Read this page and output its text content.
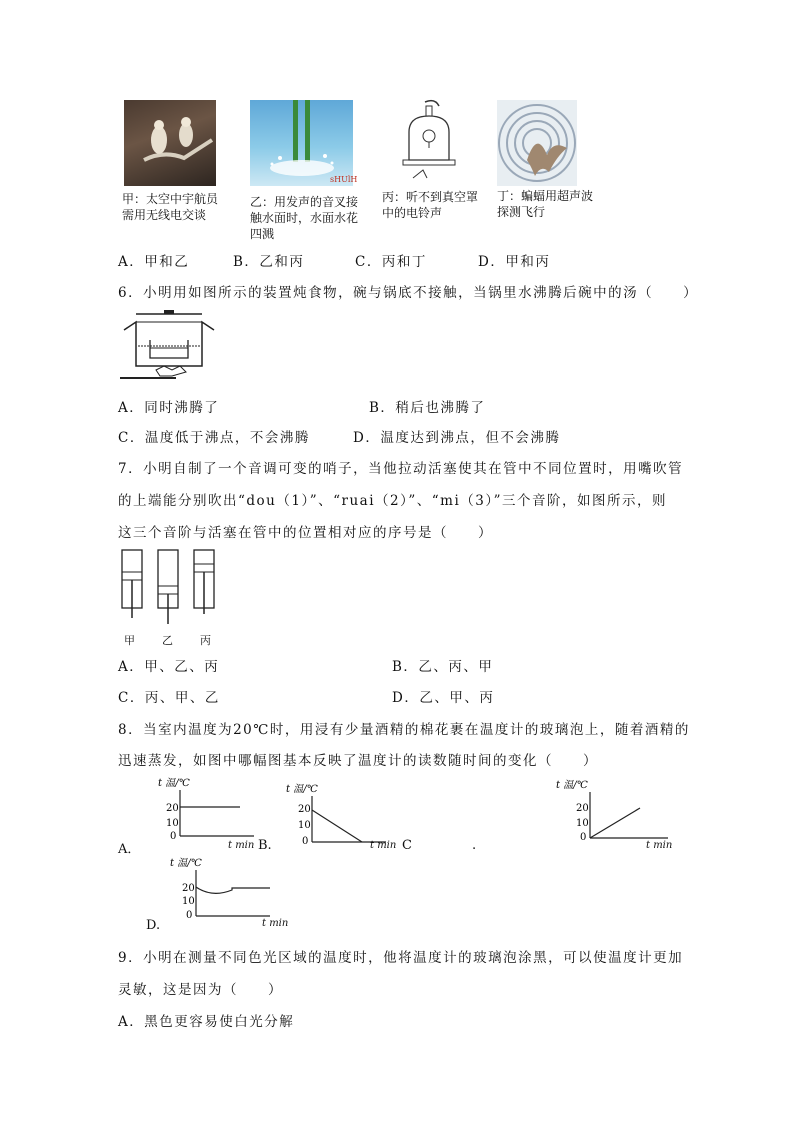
sHUlH
甲：太空中宇航员需用无线电交谈
乙：用发声的音叉接触水面时，水面水花四溅
丙：听不到真空罩中的电铃声
丁：蝙蝠用超声波探测飞行
A．甲和乙	B．乙和丙	C．丙和丁	D．甲和丙
6．小明用如图所示的装置炖食物，碗与锅底不接触，当锅里水沸腾后碗中的汤（　　）
A．同时沸腾了	B．稍后也沸腾了
C．温度低于沸点，不会沸腾	D．温度达到沸点，但不会沸腾
7．小明自制了一个音调可变的哨子，当他拉动活塞使其在管中不同位置时，用嘴吹管
的上端能分别吹出“dou（1）”、“ruai（2）”、“mi（3）”三个音阶，如图所示，则
这三个音阶与活塞在管中的位置相对应的序号是（　　）
甲 乙 丙
A．甲、乙、丙	B．乙、丙、甲
C．丙、甲、乙	D．乙、甲、丙
8．当室内温度为20℃时，用浸有少量酒精的棉花裹在温度计的玻璃泡上，随着酒精的
迅速蒸发，如图中哪幅图基本反映了温度计的读数随时间的变化（　　）
t 温/℃
20
10
0
t min
A．	B.
t 温/℃
20
10
0	t min C	.
t 温/℃
20
10
0
t min
t 温/℃
20
10
0
t min
D.
9．小明在测量不同色光区域的温度时，他将温度计的玻璃泡涂黑，可以使温度计更加
灵敏，这是因为（　　）
A．黑色更容易使白光分解
